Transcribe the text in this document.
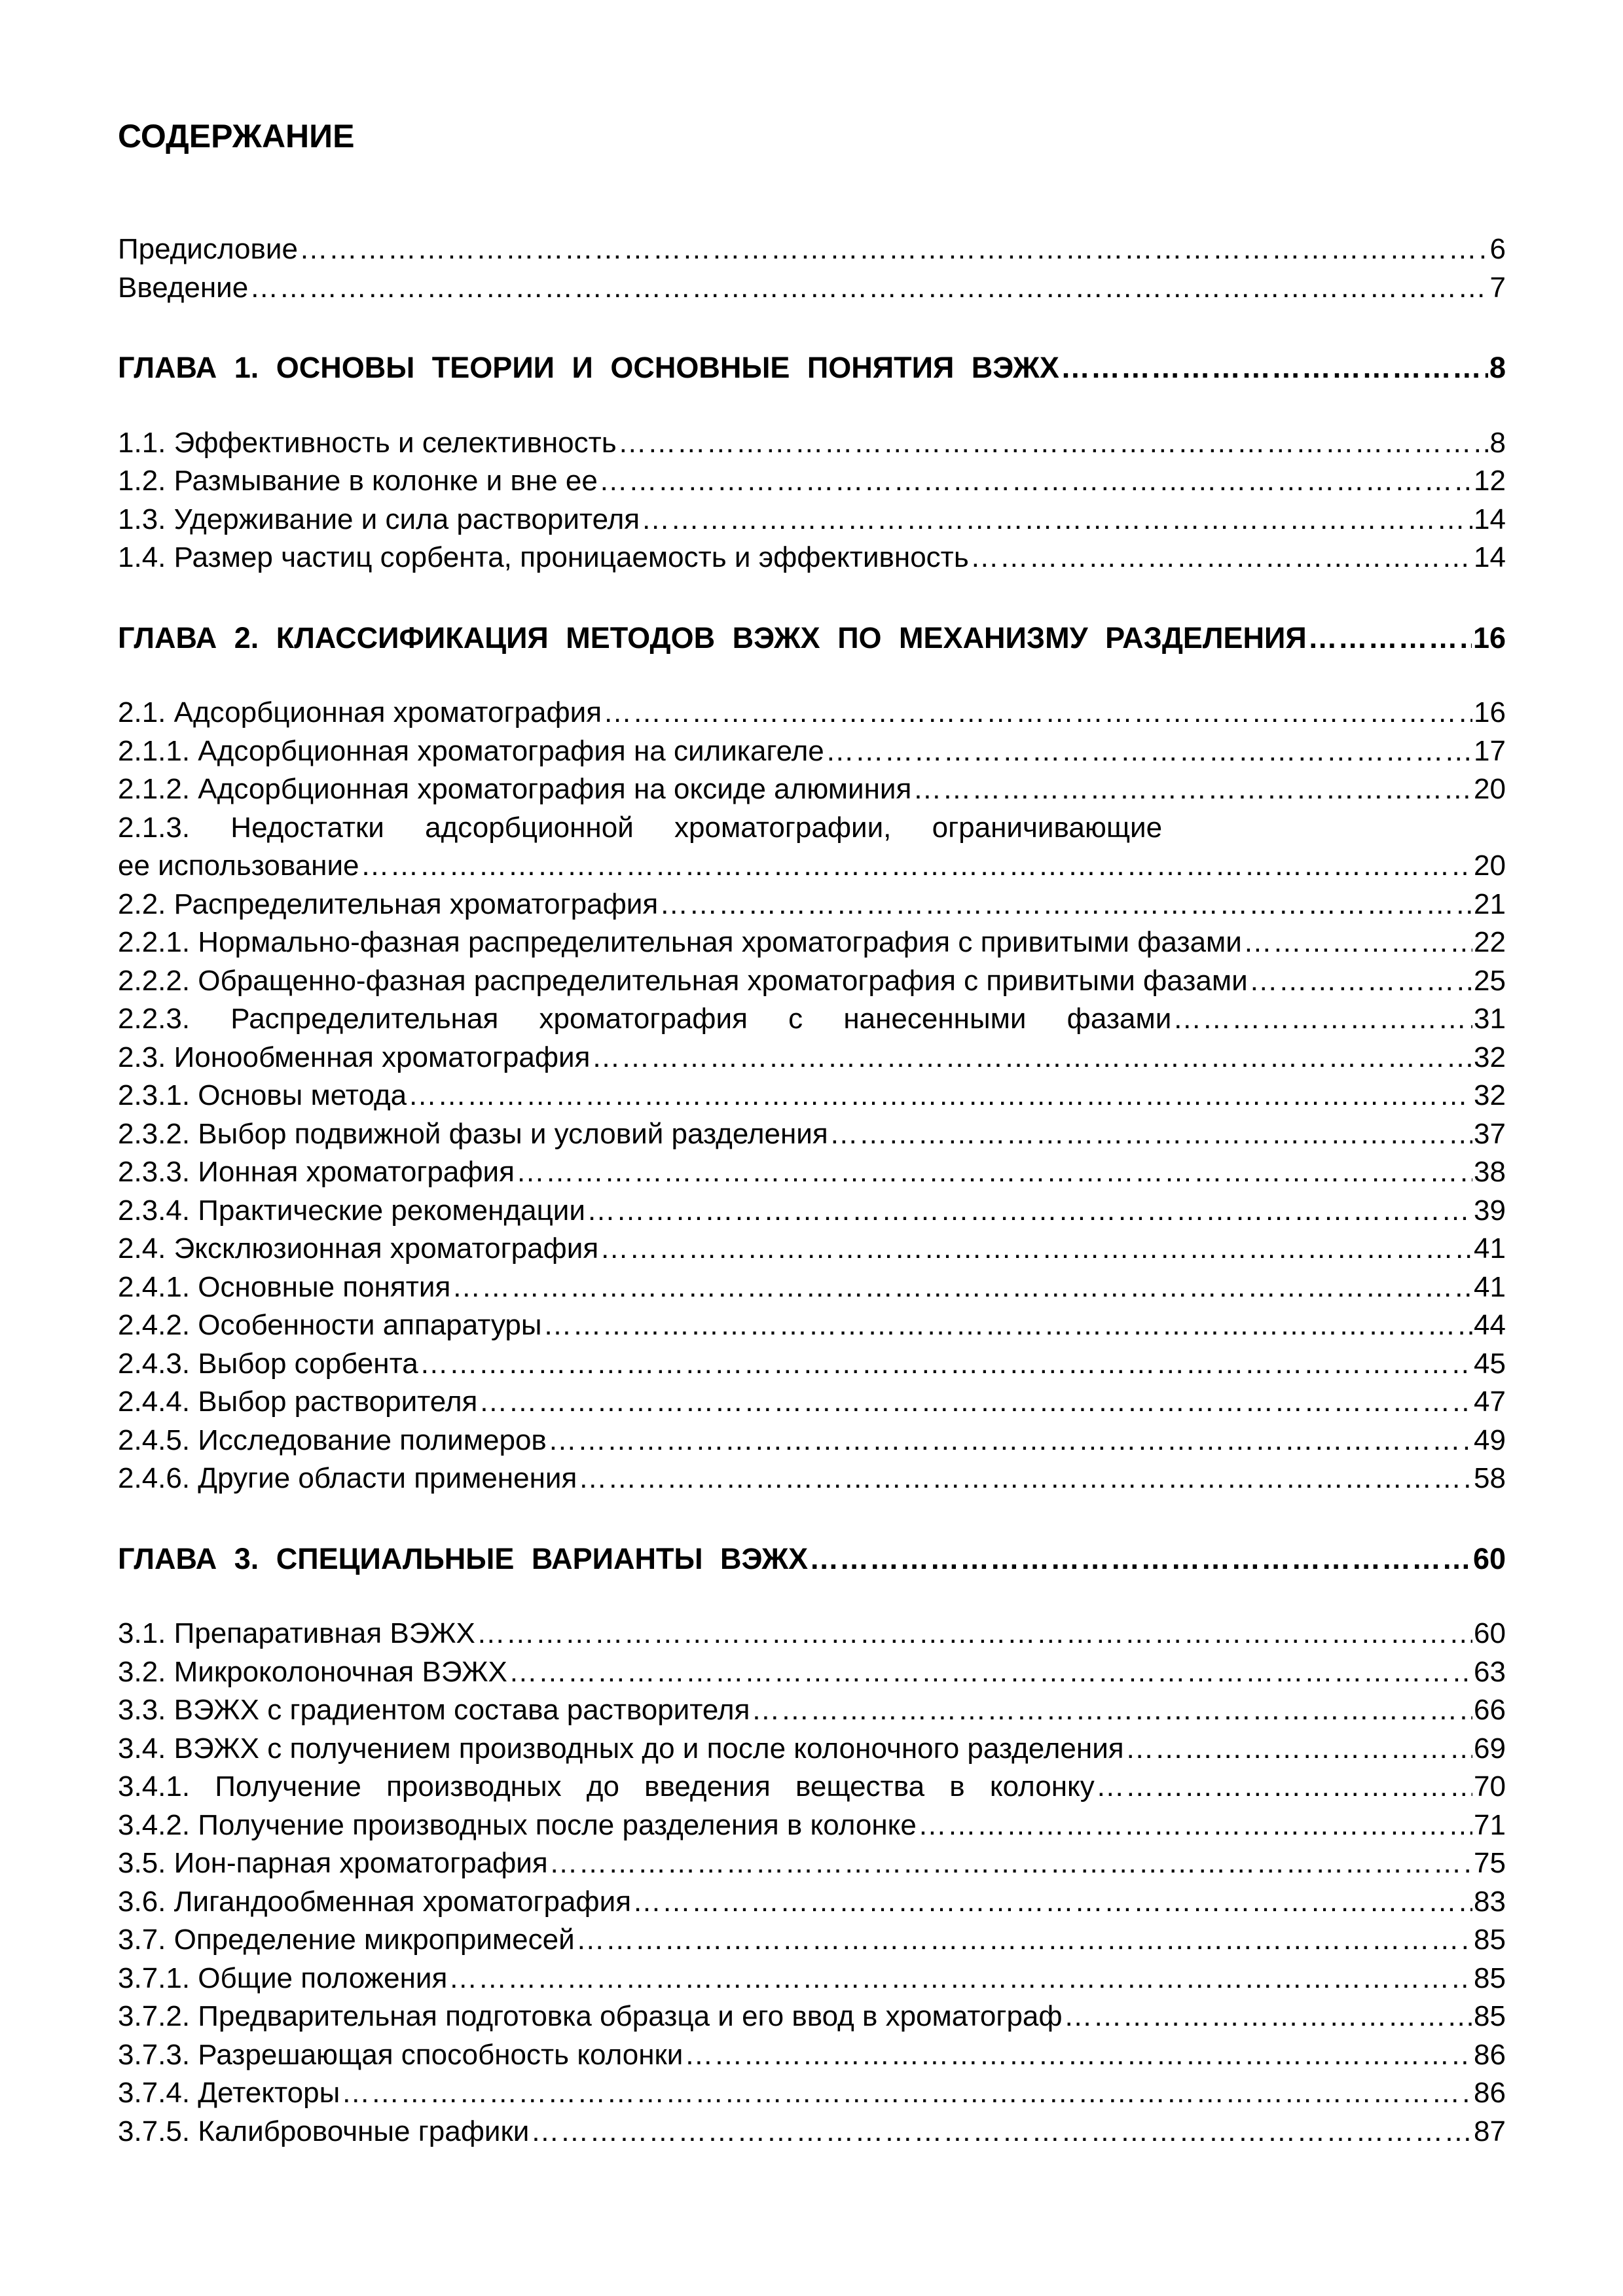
СОДЕРЖАНИЕ
Предисловие ………………………………………………………………………………………………………………………………………………………………………………………………………………………………………………………………………	6
Введение ………………………………………………………………………………………………………………………………………………………………………………………………………………………………………………………………………	7
ГЛАВА 1. ОСНОВЫ ТЕОРИИ И ОСНОВНЫЕ ПОНЯТИЯ ВЭЖХ ………………………………………………………………………………………………………………………………………………………………………………………………………………………………………………………………………	8
1.1. Эффективность и селективность ………………………………………………………………………………………………………………………………………………………………………………………………………………………………………………………………………	8
1.2. Размывание в колонке и вне ее ………………………………………………………………………………………………………………………………………………………………………………………………………………………………………………………………………	12
1.3. Удерживание и сила растворителя ………………………………………………………………………………………………………………………………………………………………………………………………………………………………………………………………………	14
1.4. Размер частиц сорбента, проницаемость и эффективность ………………………………………………………………………………………………………………………………………………………………………………………………………………………………………………………………………	14
ГЛАВА 2. КЛАССИФИКАЦИЯ МЕТОДОВ ВЭЖХ ПО МЕХАНИЗМУ РАЗДЕЛЕНИЯ ………………………………………………………………………………………………………………………………………………………………………………………………………………………………………………………………………	16
2.1. Адсорбционная хроматография ………………………………………………………………………………………………………………………………………………………………………………………………………………………………………………………………………	16
2.1.1. Адсорбционная хроматография на силикагеле ………………………………………………………………………………………………………………………………………………………………………………………………………………………………………………………………………	17
2.1.2. Адсорбционная хроматография на оксиде алюминия ………………………………………………………………………………………………………………………………………………………………………………………………………………………………………………………………………	20
2.1.3. Недостатки адсорбционной хроматографии, ограничивающие
ее использование ………………………………………………………………………………………………………………………………………………………………………………………………………………………………………………………………………	20
2.2. Распределительная хроматография ………………………………………………………………………………………………………………………………………………………………………………………………………………………………………………………………………	21
2.2.1. Нормально-фазная распределительная хроматография с привитыми фазами ………………………………………………………………………………………………………………………………………………………………………………………………………………………………………………………………………	22
2.2.2. Обращенно-фазная распределительная хроматография с привитыми фазами ………………………………………………………………………………………………………………………………………………………………………………………………………………………………………………………………………	25
2.2.3. Распределительная хроматография с нанесенными фазами ………………………………………………………………………………………………………………………………………………………………………………………………………………………………………………………………………	31
2.3. Ионообменная хроматография ………………………………………………………………………………………………………………………………………………………………………………………………………………………………………………………………………	32
2.3.1. Основы метода ………………………………………………………………………………………………………………………………………………………………………………………………………………………………………………………………………	32
2.3.2. Выбор подвижной фазы и условий разделения ………………………………………………………………………………………………………………………………………………………………………………………………………………………………………………………………………	37
2.3.3. Ионная хроматография ………………………………………………………………………………………………………………………………………………………………………………………………………………………………………………………………………	38
2.3.4. Практические рекомендации ………………………………………………………………………………………………………………………………………………………………………………………………………………………………………………………………………	39
2.4. Эксклюзионная хроматография ………………………………………………………………………………………………………………………………………………………………………………………………………………………………………………………………………	41
2.4.1. Основные понятия ………………………………………………………………………………………………………………………………………………………………………………………………………………………………………………………………………	41
2.4.2. Особенности аппаратуры ………………………………………………………………………………………………………………………………………………………………………………………………………………………………………………………………………	44
2.4.3. Выбор сорбента ………………………………………………………………………………………………………………………………………………………………………………………………………………………………………………………………………	45
2.4.4. Выбор растворителя ………………………………………………………………………………………………………………………………………………………………………………………………………………………………………………………………………	47
2.4.5. Исследование полимеров ………………………………………………………………………………………………………………………………………………………………………………………………………………………………………………………………………	49
2.4.6. Другие области применения ………………………………………………………………………………………………………………………………………………………………………………………………………………………………………………………………………	58
ГЛАВА 3. СПЕЦИАЛЬНЫЕ ВАРИАНТЫ ВЭЖХ ………………………………………………………………………………………………………………………………………………………………………………………………………………………………………………………………………	60
3.1. Препаративная ВЭЖХ ………………………………………………………………………………………………………………………………………………………………………………………………………………………………………………………………………	60
3.2. Микроколоночная ВЭЖХ ………………………………………………………………………………………………………………………………………………………………………………………………………………………………………………………………………	63
3.3. ВЭЖХ с градиентом состава растворителя ………………………………………………………………………………………………………………………………………………………………………………………………………………………………………………………………………	66
3.4. ВЭЖХ с получением производных до и после колоночного разделения ………………………………………………………………………………………………………………………………………………………………………………………………………………………………………………………………………	69
3.4.1. Получение производных до введения вещества в колонку ………………………………………………………………………………………………………………………………………………………………………………………………………………………………………………………………………	70
3.4.2. Получение производных после разделения в колонке ………………………………………………………………………………………………………………………………………………………………………………………………………………………………………………………………………	71
3.5. Ион-парная хроматография ………………………………………………………………………………………………………………………………………………………………………………………………………………………………………………………………………	75
3.6. Лигандообменная хроматография ………………………………………………………………………………………………………………………………………………………………………………………………………………………………………………………………………	83
3.7. Определение микропримесей ………………………………………………………………………………………………………………………………………………………………………………………………………………………………………………………………………	85
3.7.1. Общие положения ………………………………………………………………………………………………………………………………………………………………………………………………………………………………………………………………………	85
3.7.2. Предварительная подготовка образца и его ввод в хроматограф ………………………………………………………………………………………………………………………………………………………………………………………………………………………………………………………………………	85
3.7.3. Разрешающая способность колонки ………………………………………………………………………………………………………………………………………………………………………………………………………………………………………………………………………	86
3.7.4. Детекторы ………………………………………………………………………………………………………………………………………………………………………………………………………………………………………………………………………	86
3.7.5. Калибровочные графики ………………………………………………………………………………………………………………………………………………………………………………………………………………………………………………………………………	87
